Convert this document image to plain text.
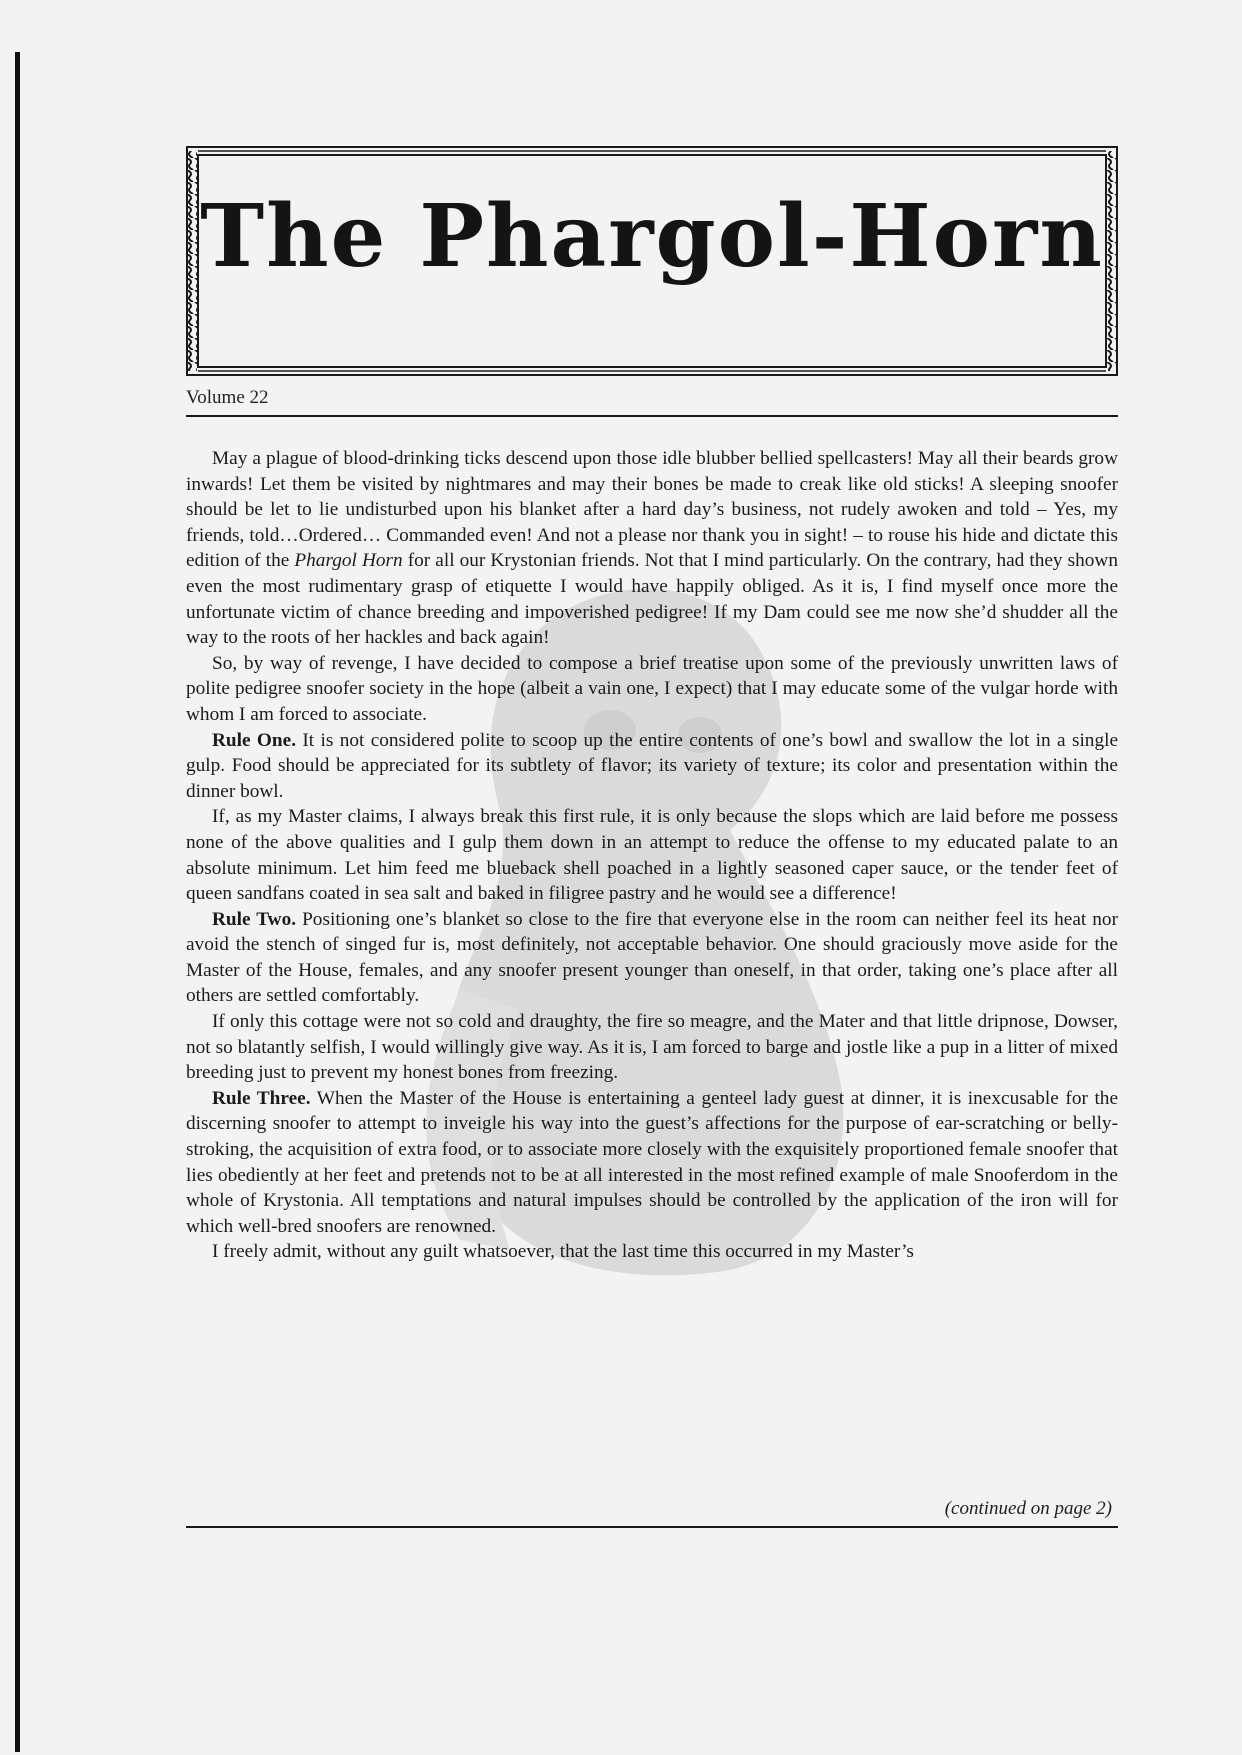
The Phargol-Horn
Volume 22

May a plague of blood-drinking ticks descend upon those idle blubber bellied spellcasters! May all their beards grow inwards! Let them be visited by nightmares and may their bones be made to creak like old sticks! A sleeping snoofer should be let to lie undisturbed upon his blanket after a hard day’s business, not rudely awoken and told – Yes, my friends, told…Ordered… Commanded even! And not a please nor thank you in sight! – to rouse his hide and dictate this edition of the Phargol Horn for all our Krystonian friends. Not that I mind particularly. On the contrary, had they shown even the most rudimentary grasp of etiquette I would have happily obliged. As it is, I find myself once more the unfortunate victim of chance breeding and impoverished pedigree! If my Dam could see me now she’d shudder all the way to the roots of her hackles and back again!

So, by way of revenge, I have decided to compose a brief treatise upon some of the previously unwritten laws of polite pedigree snoofer society in the hope (albeit a vain one, I expect) that I may educate some of the vulgar horde with whom I am forced to associate.

Rule One. It is not considered polite to scoop up the entire contents of one’s bowl and swallow the lot in a single gulp. Food should be appreciated for its subtlety of flavor; its variety of texture; its color and presentation within the dinner bowl.

If, as my Master claims, I always break this first rule, it is only because the slops which are laid before me possess none of the above qualities and I gulp them down in an attempt to reduce the offense to my educated palate to an absolute minimum. Let him feed me blueback shell poached in a lightly seasoned caper sauce, or the tender feet of queen sandfans coated in sea salt and baked in filigree pastry and he would see a difference!

Rule Two. Positioning one’s blanket so close to the fire that everyone else in the room can neither feel its heat nor avoid the stench of singed fur is, most definitely, not acceptable behavior. One should graciously move aside for the Master of the House, females, and any snoofer present younger than oneself, in that order, taking one’s place after all others are settled comfortably.

If only this cottage were not so cold and draughty, the fire so meagre, and the Mater and that little dripnose, Dowser, not so blatantly selfish, I would willingly give way. As it is, I am forced to barge and jostle like a pup in a litter of mixed breeding just to prevent my honest bones from freezing.

Rule Three. When the Master of the House is entertaining a genteel lady guest at dinner, it is inexcusable for the discerning snoofer to attempt to inveigle his way into the guest’s affections for the purpose of ear-scratching or belly-stroking, the acquisition of extra food, or to associate more closely with the exquisitely proportioned female snoofer that lies obediently at her feet and pretends not to be at all interested in the most refined example of male Snooferdom in the whole of Krystonia. All temptations and natural impulses should be controlled by the application of the iron will for which well-bred snoofers are renowned.

I freely admit, without any guilt whatsoever, that the last time this occurred in my Master’s

(continued on page 2)
